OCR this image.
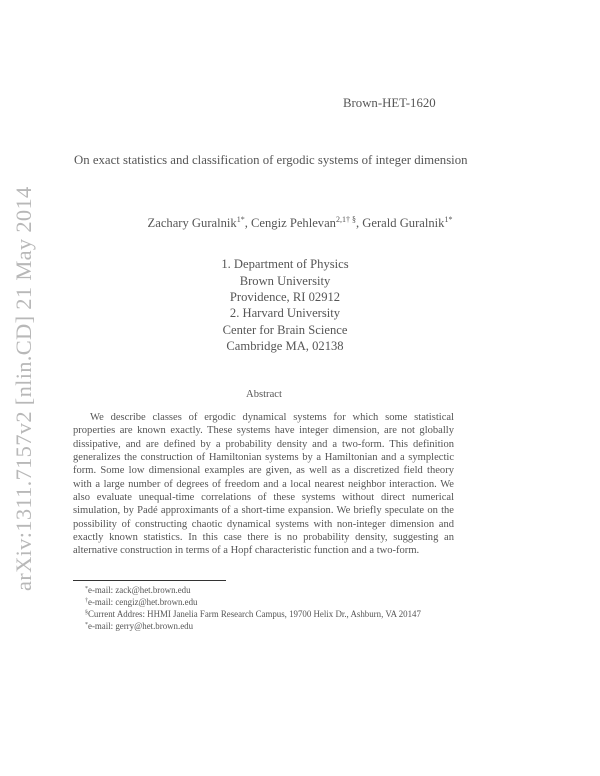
arXiv:1311.7157v2 [nlin.CD] 21 May 2014
Brown-HET-1620
On exact statistics and classification of ergodic systems of integer dimension
Zachary Guralnik$^{1*}$, Cengiz Pehlevan$^{2,1\dagger \S}$, Gerald Guralnik$^{1*}$
1. Department of Physics
Brown University
Providence, RI 02912
2. Harvard University
Center for Brain Science
Cambridge MA, 02138
Abstract
We describe classes of ergodic dynamical systems for which some statistical properties are known exactly. These systems have integer dimension, are not globally dissipative, and are defined by a probability density and a two-form. This definition generalizes the construction of Hamiltonian systems by a Hamiltonian and a symplectic form. Some low dimensional examples are given, as well as a discretized field theory with a large number of degrees of freedom and a local nearest neighbor interaction. We also evaluate unequal-time correlations of these systems without direct numerical simulation, by Padé approximants of a short-time expansion. We briefly speculate on the possibility of constructing chaotic dynamical systems with non-integer dimension and exactly known statistics. In this case there is no probability density, suggesting an alternative construction in terms of a Hopf characteristic function and a two-form.
*e-mail: zack@het.brown.edu
†e-mail: cengiz@het.brown.edu
§Current Addres: HHMI Janelia Farm Research Campus, 19700 Helix Dr., Ashburn, VA 20147
*e-mail: gerry@het.brown.edu
